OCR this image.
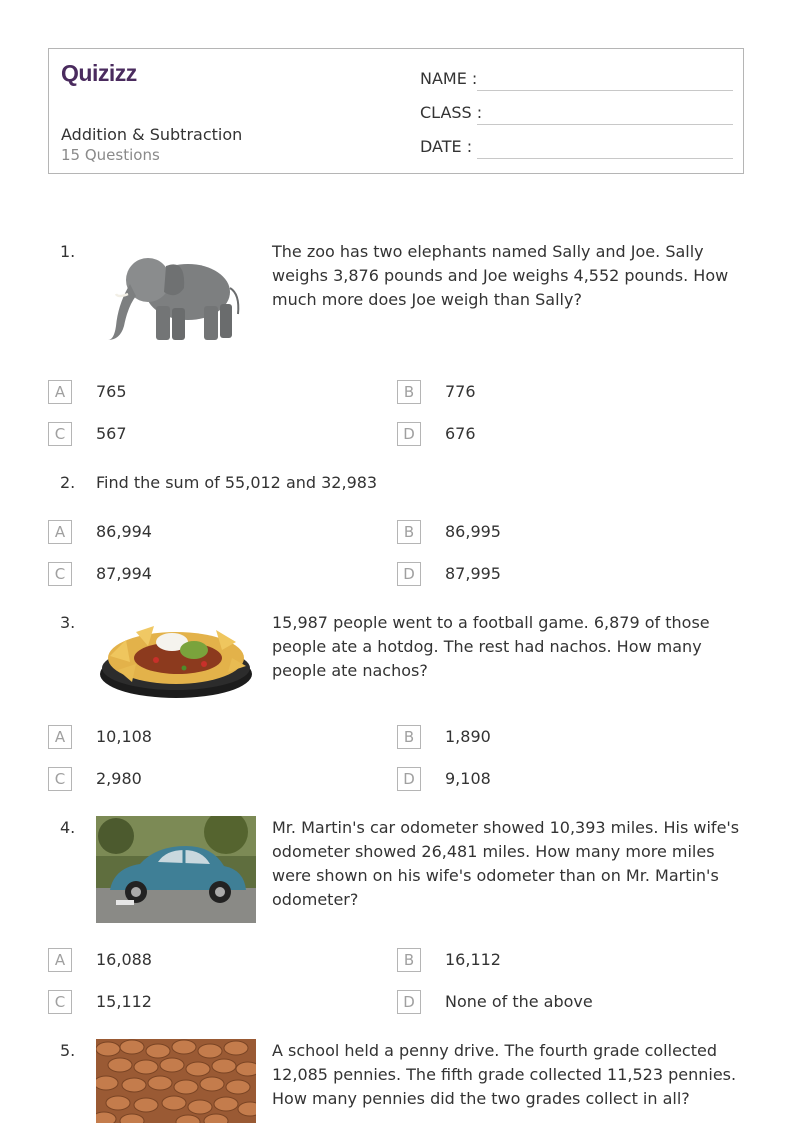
Quizizz
Addition & Subtraction
15 Questions
NAME :
CLASS :
DATE :
1.	The zoo has two elephants named Sally and Joe. Sally weighs 3,876 pounds and Joe weighs 4,552 pounds. How much more does Joe weigh than Sally?
A	765	B	776
C	567	D	676
2. Find the sum of 55,012 and 32,983
A	86,994	B	86,995
C	87,994	D	87,995
3.	15,987 people went to a football game. 6,879 of those people ate a hotdog. The rest had nachos. How many people ate nachos?
A	10,108	B	1,890
C	2,980	D	9,108
4.	Mr. Martin's car odometer showed 10,393 miles. His wife's odometer showed 26,481 miles. How many more miles were shown on his wife's odometer than on Mr. Martin's odometer?
A	16,088	B	16,112
C	15,112	D	None of the above
5.	A school held a penny drive. The fourth grade collected 12,085 pennies. The fifth grade collected 11,523 pennies. How many pennies did the two grades collect in all?
